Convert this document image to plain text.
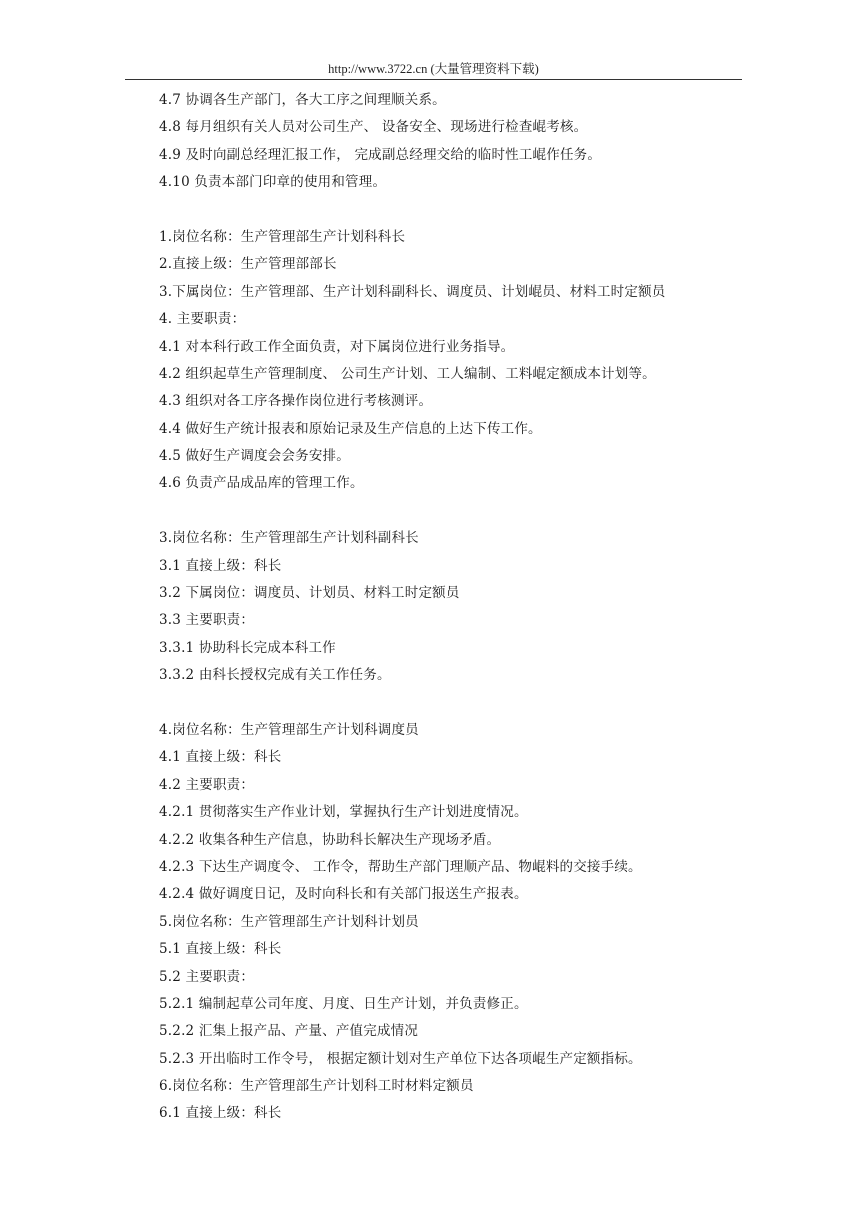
http://www.3722.cn (大量管理资料下载)
4.7 协调各生产部门，各大工序之间理顺关系。
4.8 每月组织有关人员对公司生产、 设备安全、现场进行检查崐考核。
4.9 及时向副总经理汇报工作， 完成副总经理交给的临时性工崐作任务。
4.10 负责本部门印章的使用和管理。
1.岗位名称：生产管理部生产计划科科长
2.直接上级：生产管理部部长
3.下属岗位：生产管理部、生产计划科副科长、调度员、计划崐员、材料工时定额员
4. 主要职责：
4.1 对本科行政工作全面负责，对下属岗位进行业务指导。
4.2 组织起草生产管理制度、 公司生产计划、工人编制、工料崐定额成本计划等。
4.3 组织对各工序各操作岗位进行考核测评。
4.4 做好生产统计报表和原始记录及生产信息的上达下传工作。
4.5 做好生产调度会会务安排。
4.6 负责产品成品库的管理工作。
3.岗位名称：生产管理部生产计划科副科长
3.1 直接上级：科长
3.2 下属岗位：调度员、计划员、材料工时定额员
3.3 主要职责：
3.3.1 协助科长完成本科工作
3.3.2 由科长授权完成有关工作任务。
4.岗位名称：生产管理部生产计划科调度员
4.1 直接上级：科长
4.2 主要职责：
4.2.1 贯彻落实生产作业计划，掌握执行生产计划进度情况。
4.2.2 收集各种生产信息，协助科长解决生产现场矛盾。
4.2.3 下达生产调度令、 工作令，帮助生产部门理顺产品、物崐料的交接手续。
4.2.4 做好调度日记，及时向科长和有关部门报送生产报表。
5.岗位名称：生产管理部生产计划科计划员
5.1 直接上级：科长
5.2 主要职责：
5.2.1 编制起草公司年度、月度、日生产计划，并负责修正。
5.2.2 汇集上报产品、产量、产值完成情况
5.2.3 开出临时工作令号， 根据定额计划对生产单位下达各项崐生产定额指标。
6.岗位名称：生产管理部生产计划科工时材料定额员
6.1 直接上级：科长
